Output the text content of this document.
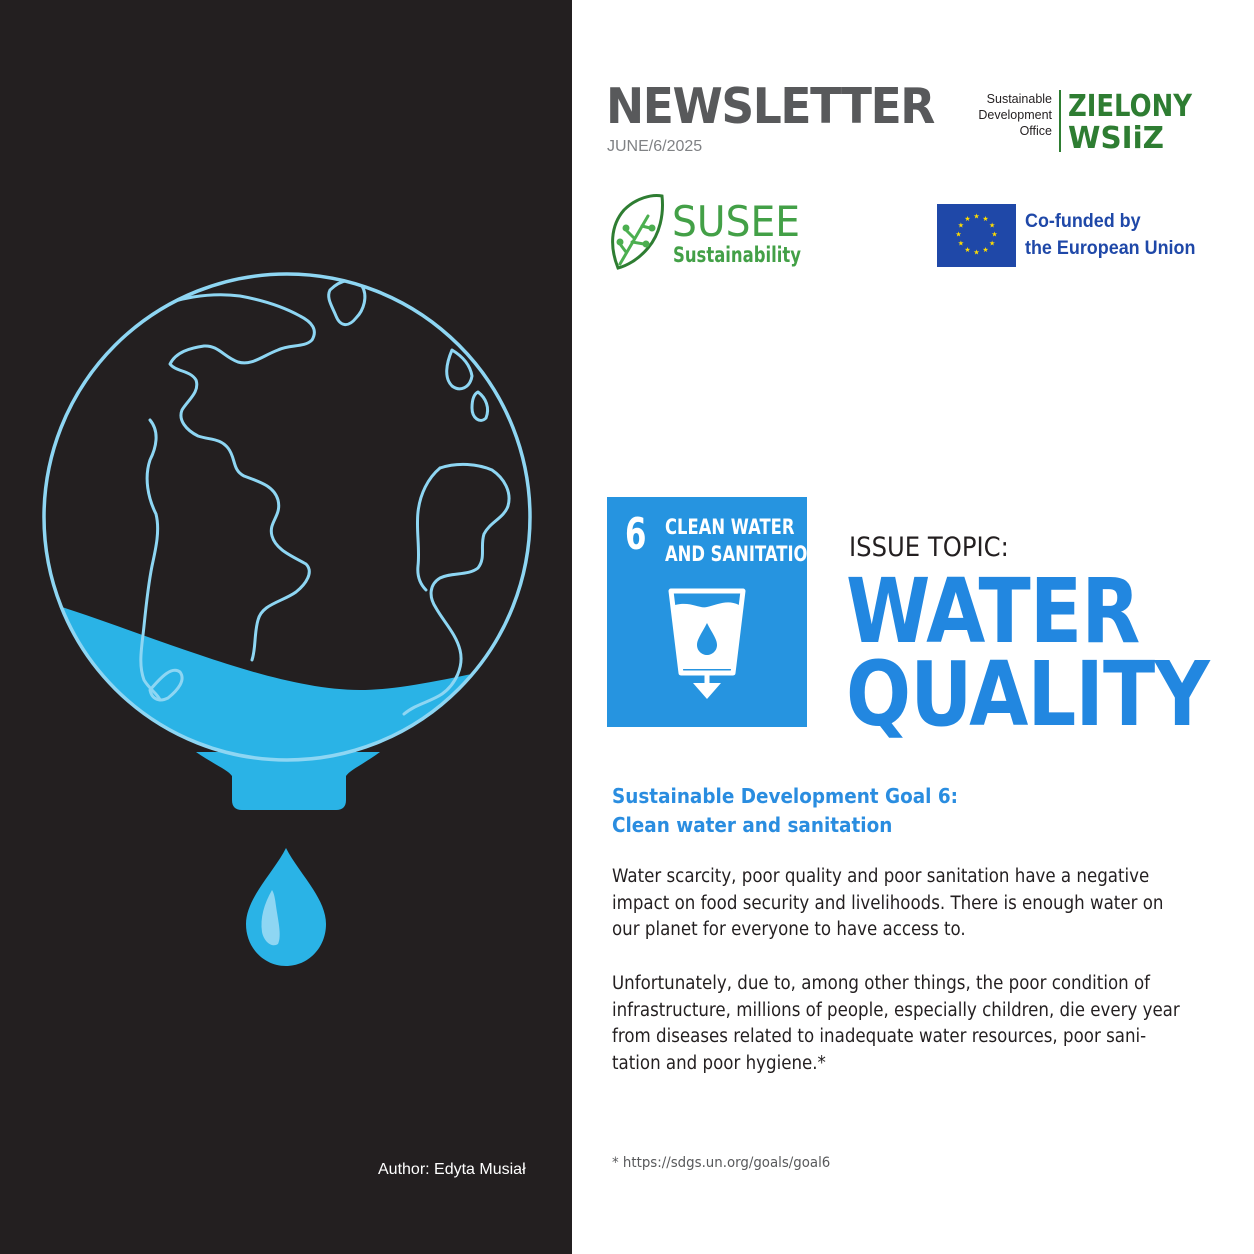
Author: Edyta Musiał
NEWSLETTER
JUNE/6/2025
Sustainable
Development
Office
ZIELONY
WSIiZ
SUSEE
Sustainability
★ ★
★
★
★
★
★
★
★
★
★
★	Co-funded by
the European Union
6 CLEAN WATER
AND SANITATION ISSUE TOPIC:
WATER
QUALITY
Sustainable Development Goal 6:
Clean water and sanitation
Water scarcity, poor quality and poor sanitation have a negative
impact on food security and livelihoods. There is enough water on
our planet for everyone to have access to.
Unfortunately, due to, among other things, the poor condition of
infrastructure, millions of people, especially children, die every year
from diseases related to inadequate water resources, poor sani-
tation and poor hygiene.*
* https://sdgs.un.org/goals/goal6
